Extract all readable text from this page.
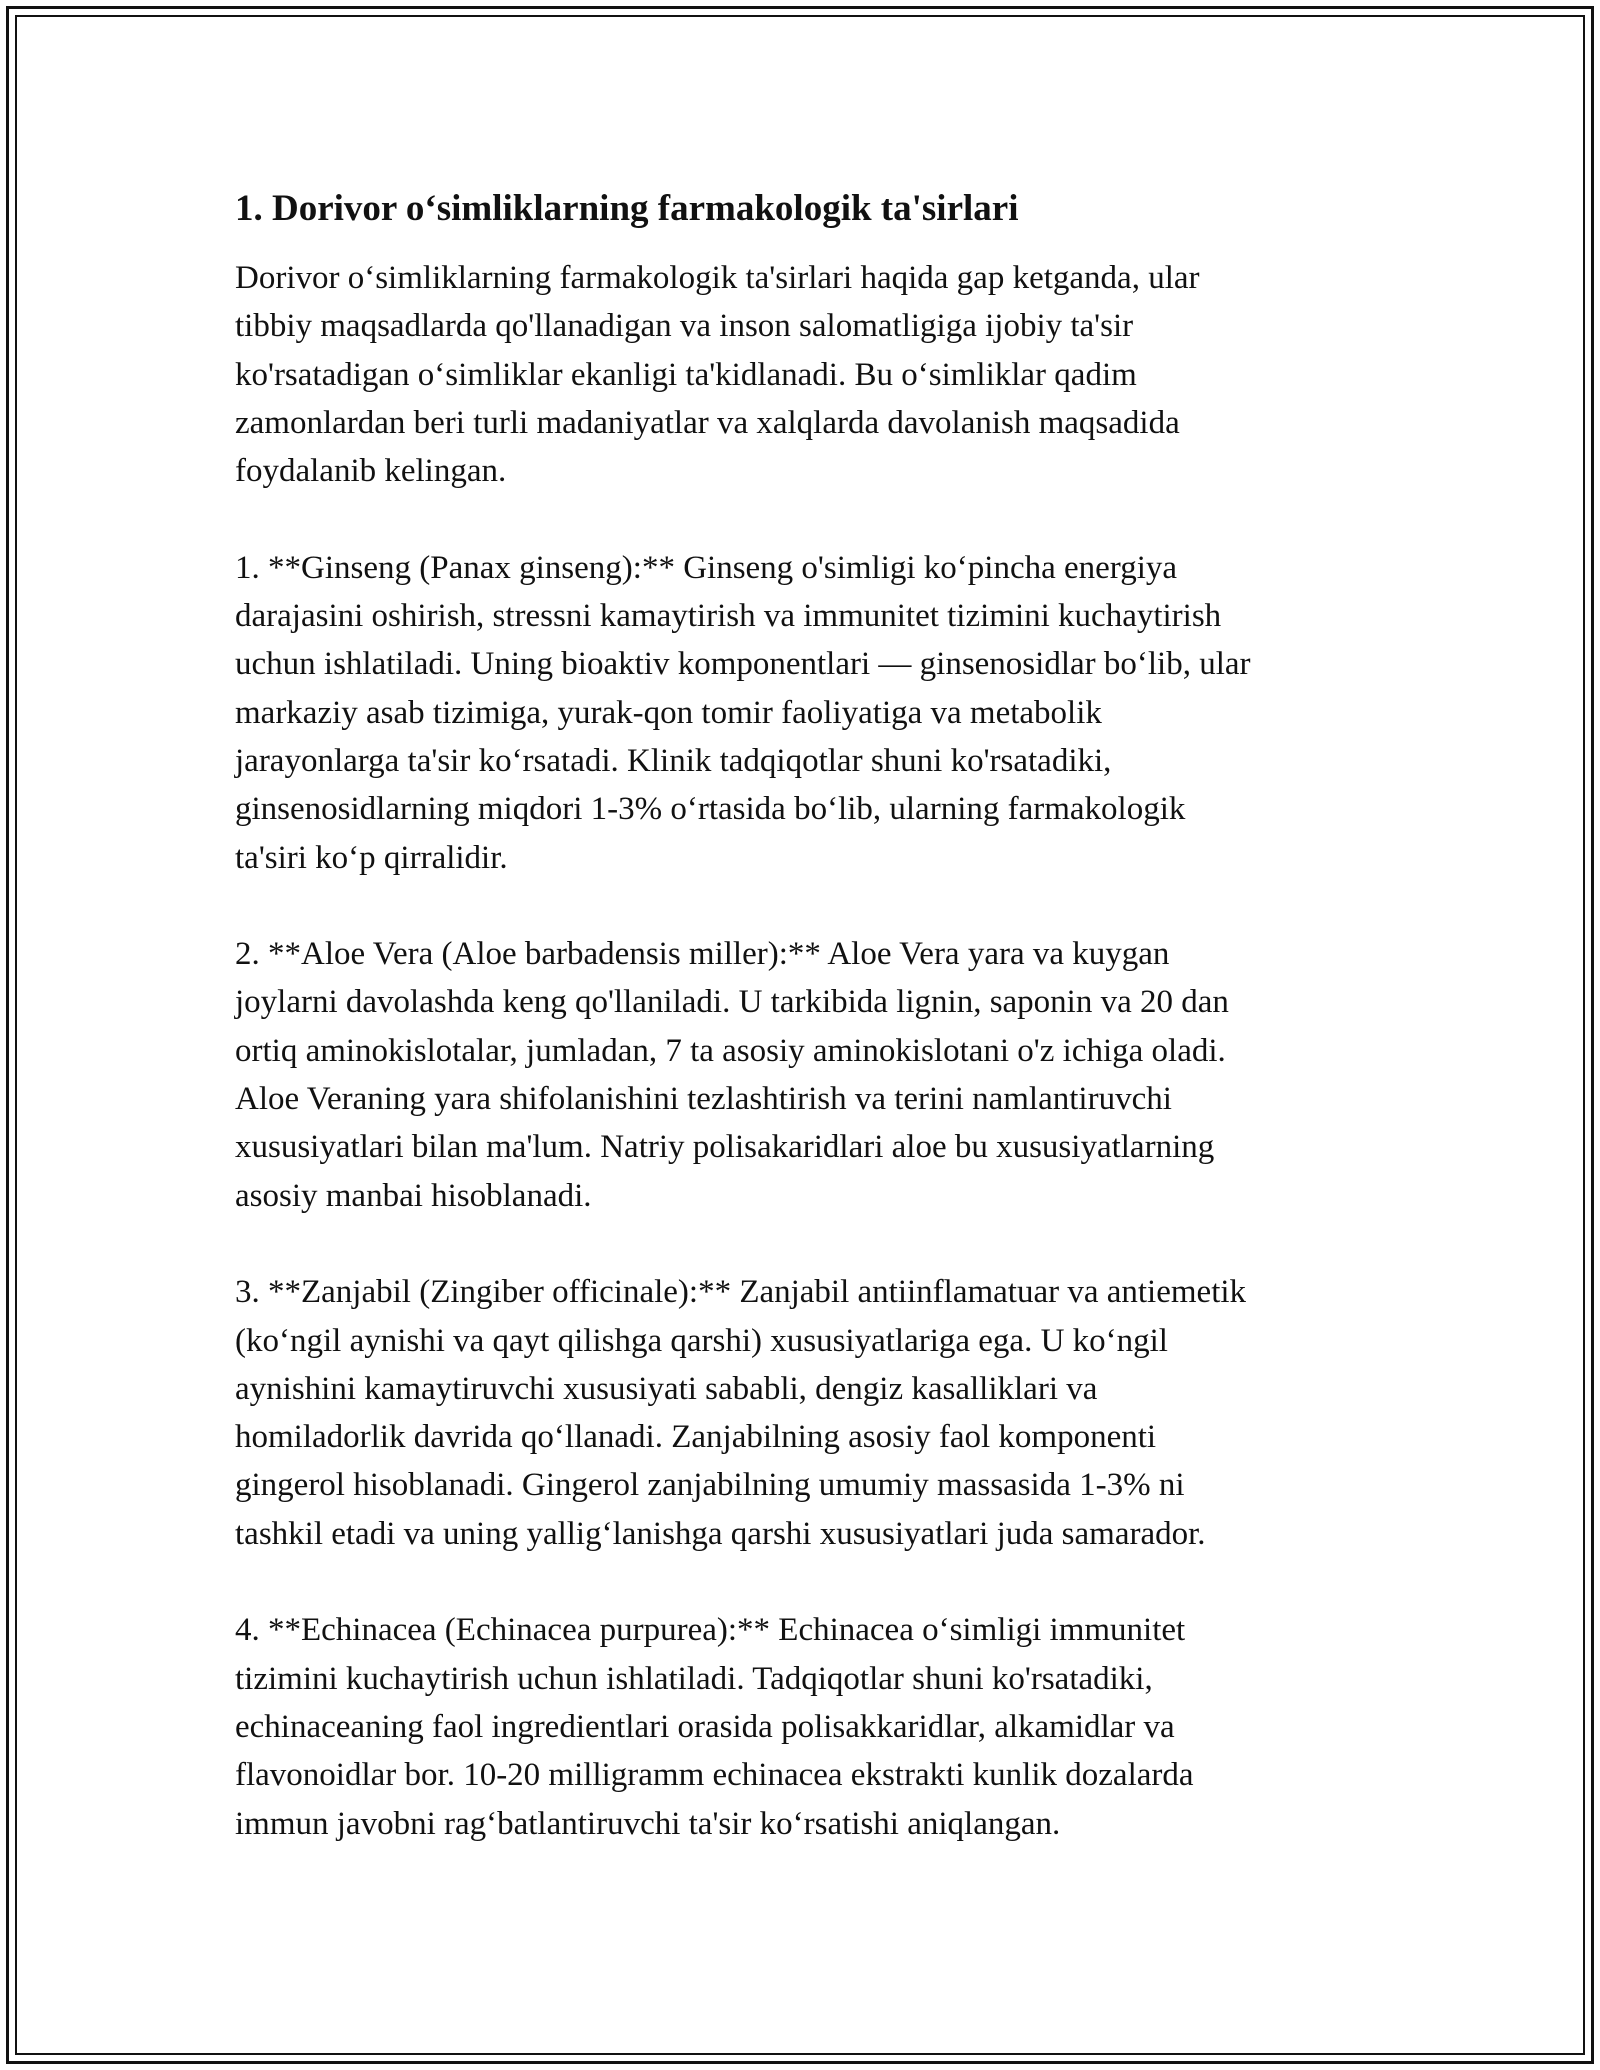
1. Dorivor o‘simliklarning farmakologik ta'sirlari

Dorivor o‘simliklarning farmakologik ta'sirlari haqida gap ketganda, ular
tibbiy maqsadlarda qo'llanadigan va inson salomatligiga ijobiy ta'sir
ko'rsatadigan o‘simliklar ekanligi ta'kidlanadi. Bu o‘simliklar qadim
zamonlardan beri turli madaniyatlar va xalqlarda davolanish maqsadida
foydalanib kelingan.

1. **Ginseng (Panax ginseng):** Ginseng o'simligi ko‘pincha energiya
darajasini oshirish, stressni kamaytirish va immunitet tizimini kuchaytirish
uchun ishlatiladi. Uning bioaktiv komponentlari — ginsenosidlar bo‘lib, ular
markaziy asab tizimiga, yurak-qon tomir faoliyatiga va metabolik
jarayonlarga ta'sir ko‘rsatadi. Klinik tadqiqotlar shuni ko'rsatadiki,
ginsenosidlarning miqdori 1-3% o‘rtasida bo‘lib, ularning farmakologik
ta'siri ko‘p qirralidir.

2. **Aloe Vera (Aloe barbadensis miller):** Aloe Vera yara va kuygan
joylarni davolashda keng qo'llaniladi. U tarkibida lignin, saponin va 20 dan
ortiq aminokislotalar, jumladan, 7 ta asosiy aminokislotani o'z ichiga oladi.
Aloe Veraning yara shifolanishini tezlashtirish va terini namlantiruvchi
xususiyatlari bilan ma'lum. Natriy polisakaridlari aloe bu xususiyatlarning
asosiy manbai hisoblanadi.

3. **Zanjabil (Zingiber officinale):** Zanjabil antiinflamatuar va antiemetik
(ko‘ngil aynishi va qayt qilishga qarshi) xususiyatlariga ega. U ko‘ngil
aynishini kamaytiruvchi xususiyati sababli, dengiz kasalliklari va
homiladorlik davrida qo‘llanadi. Zanjabilning asosiy faol komponenti
gingerol hisoblanadi. Gingerol zanjabilning umumiy massasida 1-3% ni
tashkil etadi va uning yallig‘lanishga qarshi xususiyatlari juda samarador.

4. **Echinacea (Echinacea purpurea):** Echinacea o‘simligi immunitet
tizimini kuchaytirish uchun ishlatiladi. Tadqiqotlar shuni ko'rsatadiki,
echinaceaning faol ingredientlari orasida polisakkaridlar, alkamidlar va
flavonoidlar bor. 10-20 milligramm echinacea ekstrakti kunlik dozalarda
immun javobni rag‘batlantiruvchi ta'sir ko‘rsatishi aniqlangan.
